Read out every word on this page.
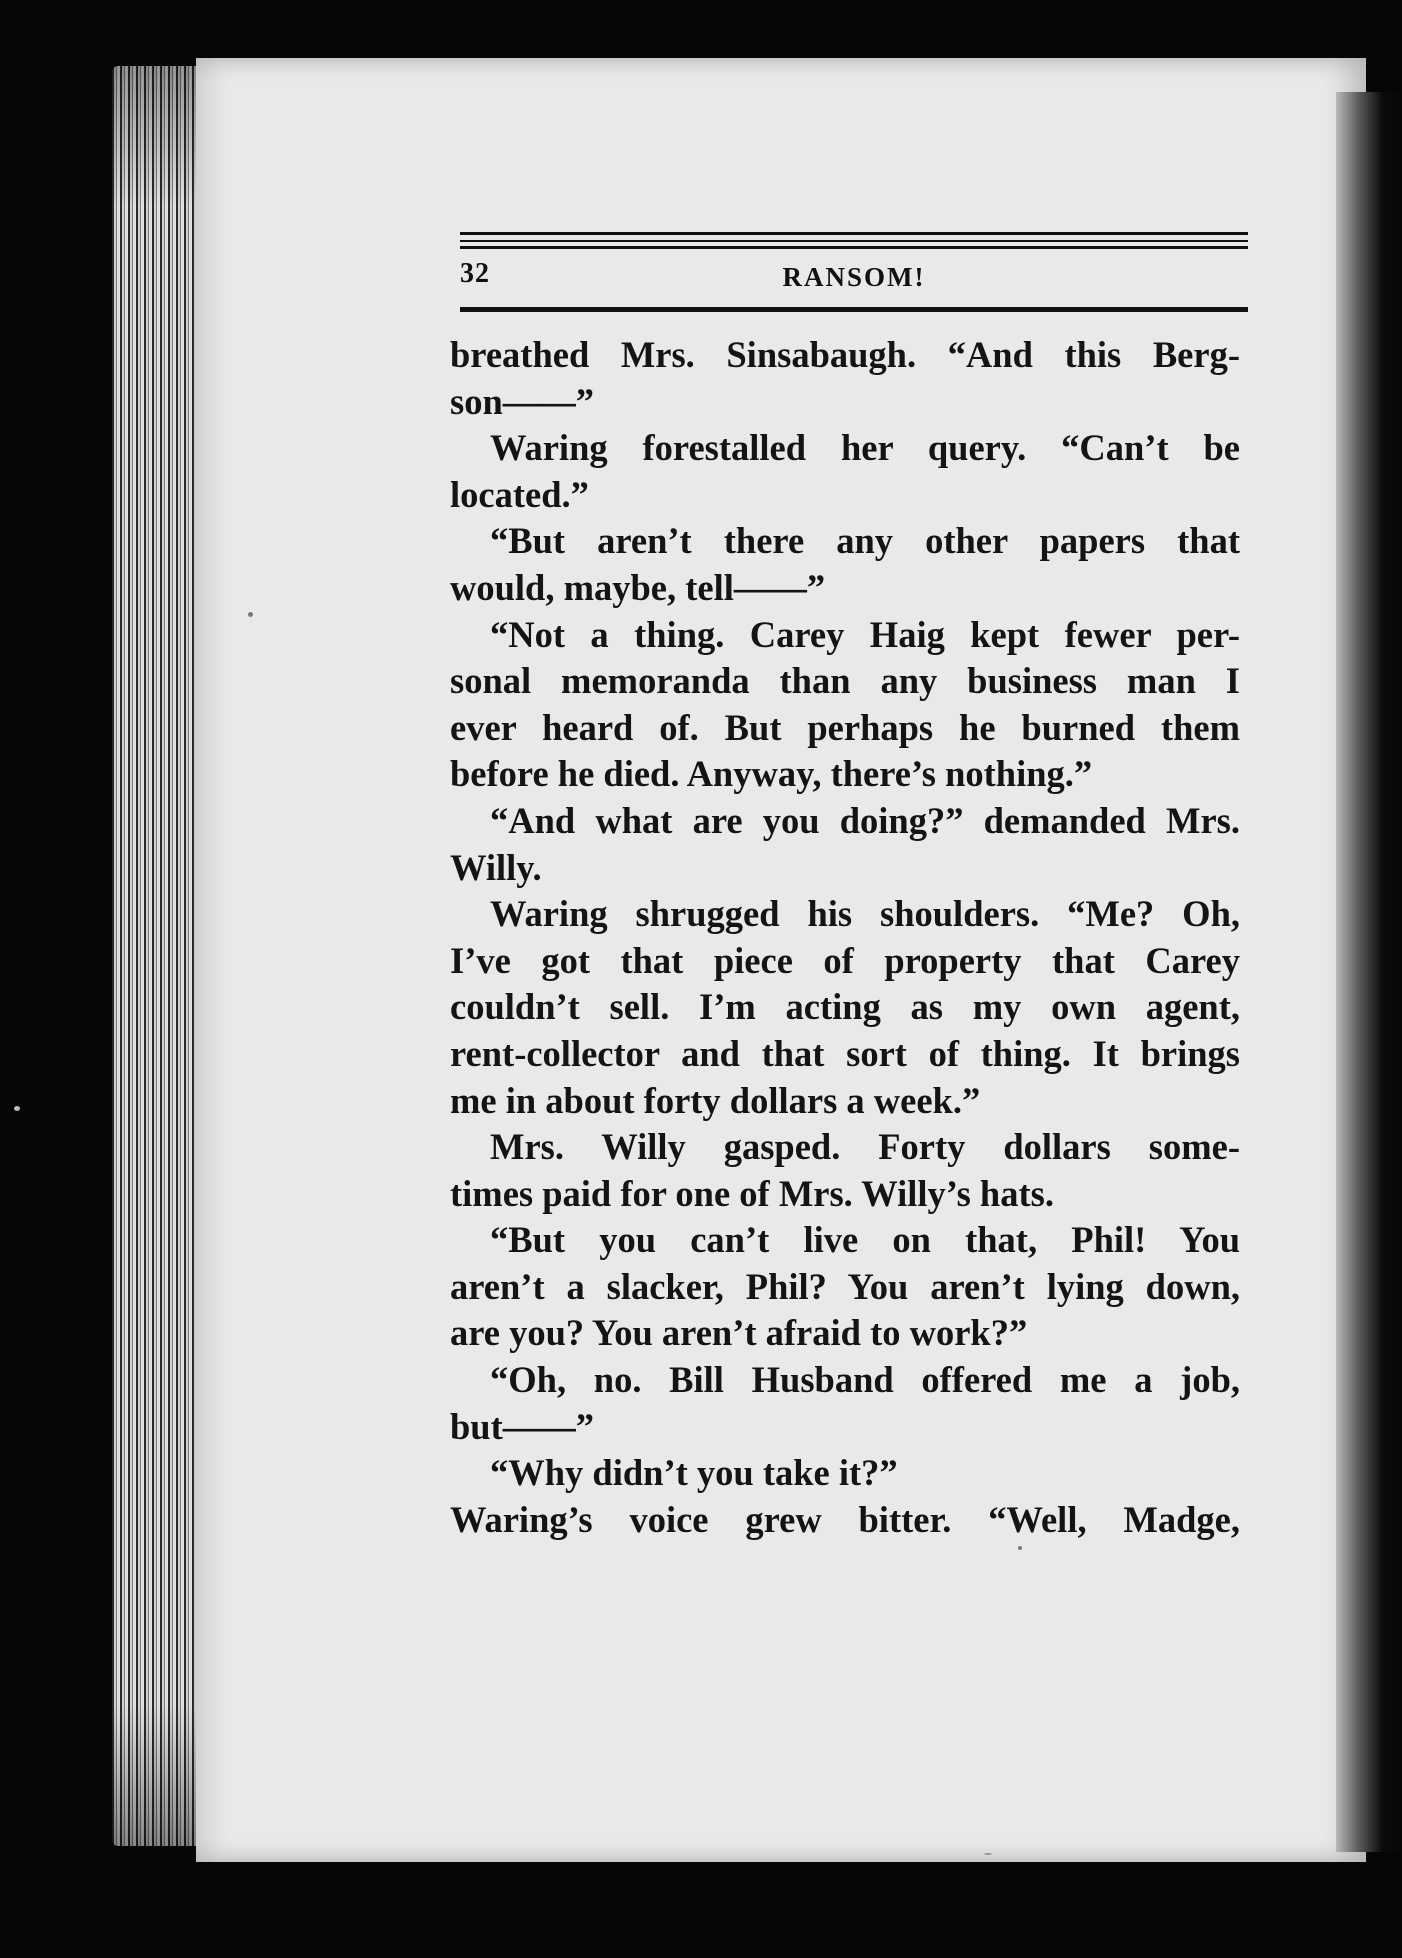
32	RANSOM!
breathed Mrs. Sinsabaugh. “And this Berg-
son——”
Waring forestalled her query. “Can’t be
located.”
“But aren’t there any other papers that
would, maybe, tell——”
“Not a thing. Carey Haig kept fewer per-
sonal memoranda than any business man I
ever heard of. But perhaps he burned them
before he died. Anyway, there’s nothing.”
“And what are you doing?” demanded Mrs.
Willy.
Waring shrugged his shoulders. “Me? Oh,
I’ve got that piece of property that Carey
couldn’t sell. I’m acting as my own agent,
rent-collector and that sort of thing. It brings
me in about forty dollars a week.”
Mrs. Willy gasped. Forty dollars some-
times paid for one of Mrs. Willy’s hats.
“But you can’t live on that, Phil! You
aren’t a slacker, Phil? You aren’t lying down,
are you? You aren’t afraid to work?”
“Oh, no. Bill Husband offered me a job,
but——”
“Why didn’t you take it?”
Waring’s voice grew bitter. “Well, Madge,
